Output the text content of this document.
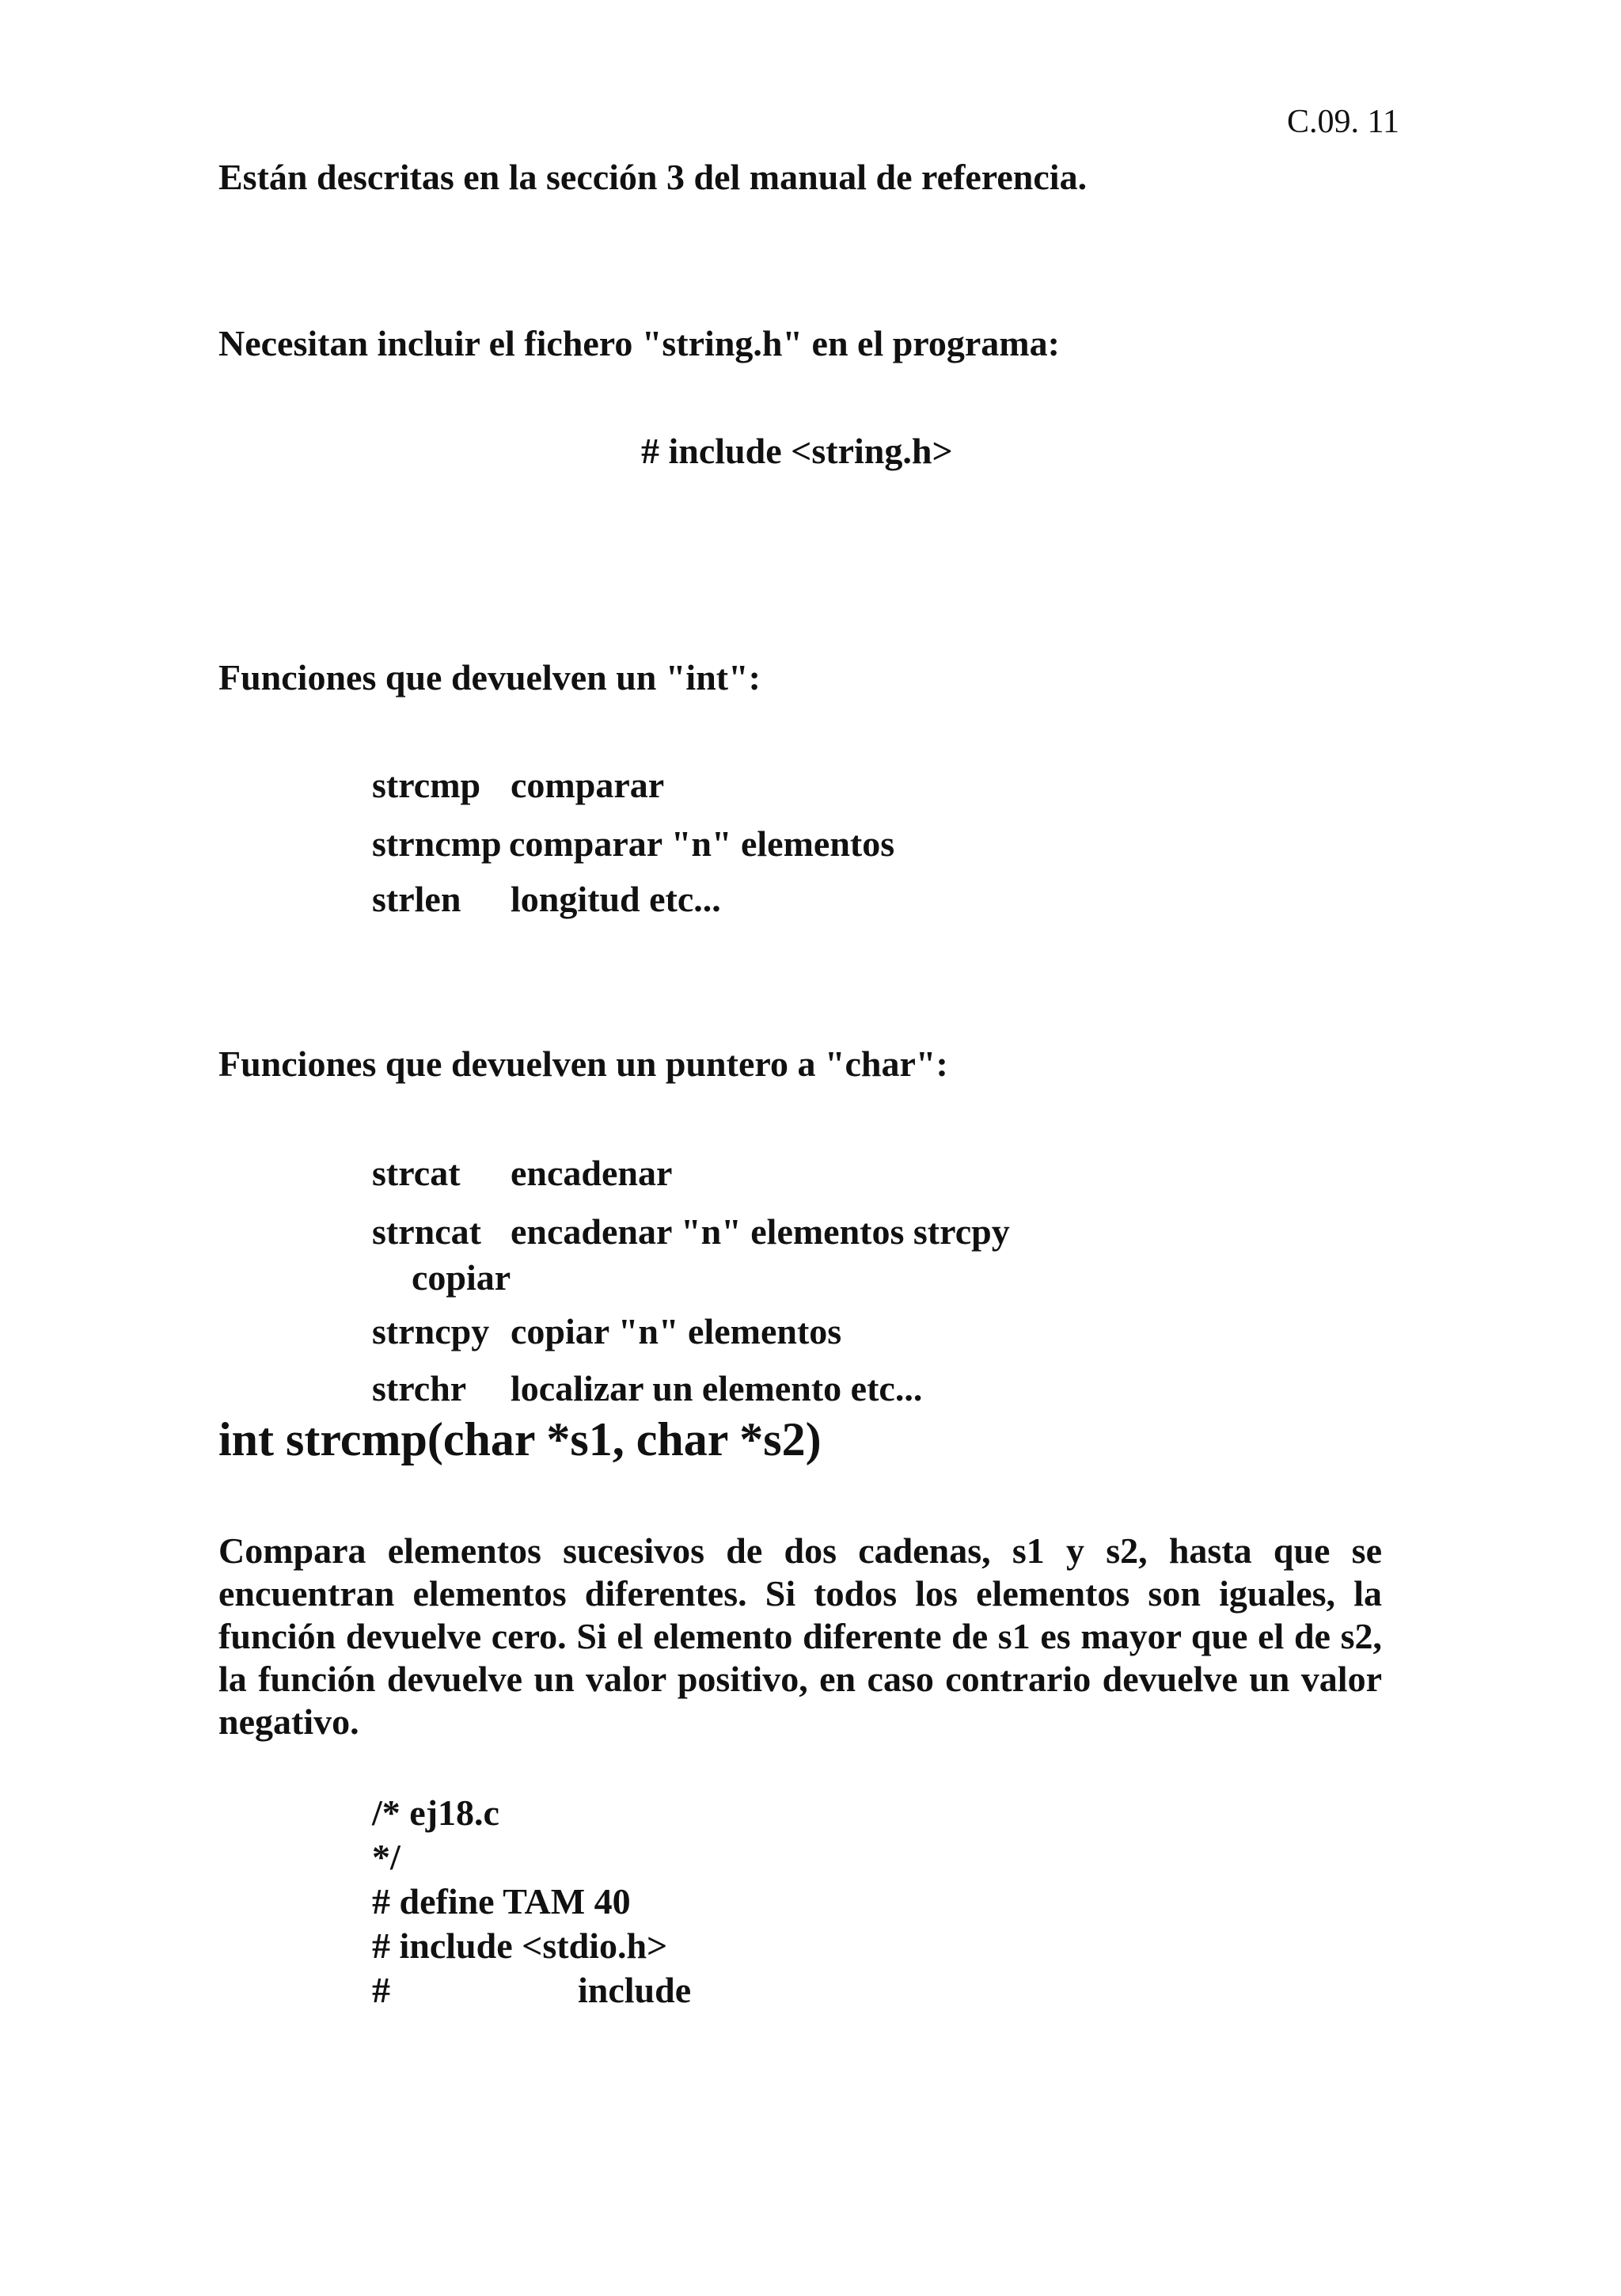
C.09. 11
Están descritas en la sección 3 del manual de referencia.
Necesitan incluir el fichero "string.h" en el programa:
# include <string.h>
Funciones que devuelven un "int":
strcmp comparar
strncmp comparar "n" elementos
strlen longitud etc...
Funciones que devuelven un puntero a "char":
strcat encadenar
strncat encadenar "n" elementos strcpy
copiar
strncpy copiar "n" elementos
strchr localizar un elemento etc...
int strcmp(char *s1, char *s2)
Compara elementos sucesivos de dos cadenas, s1 y s2, hasta que se encuentran elementos diferentes. Si todos los elementos son iguales, la función devuelve cero. Si el elemento diferente de s1 es mayor que el de s2, la función devuelve un valor positivo, en caso contrario devuelve un valor negativo.
/* ej18.c
*/
# define TAM 40
# include <stdio.h>
#	include
